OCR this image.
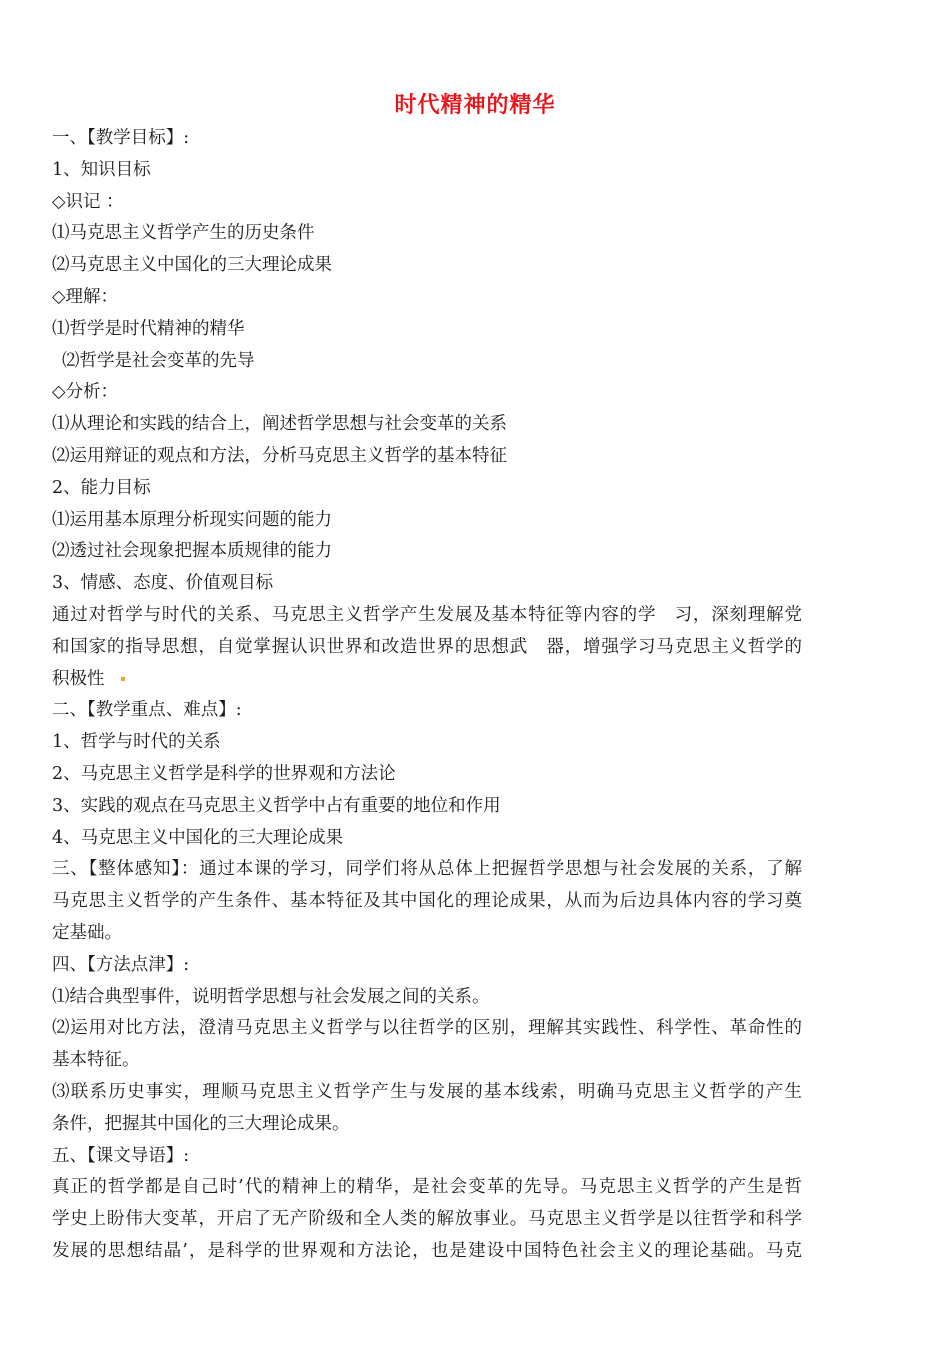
时代精神的精华
一、【教学目标】:
1、知识目标
◇识记 ：
⑴马克思主义哲学产生的历史条件
⑵马克思主义中国化的三大理论成果
◇理解：
⑴哲学是时代精神的精华
⑵哲学是社会变革的先导
◇分析：
⑴从理论和实践的结合上，阐述哲学思想与社会变革的关系
⑵运用辩证的观点和方法，分析马克思主义哲学的基本特征
2、能力目标
⑴运用基本原理分析现实问题的能力
⑵透过社会现象把握本质规律的能力
3、情感、态度、价值观目标
通过对哲学与时代的关系、马克思主义哲学产生发展及基本特征等内容的学　习，深刻理解党
和国家的指导思想，自觉掌握认识世界和改造世界的思想武　器，增强学习马克思主义哲学的
积极性
二、【教学重点、难点】:
1、哲学与时代的关系
2、马克思主义哲学是科学的世界观和方法论
3、实践的观点在马克思主义哲学中占有重要的地位和作用
4、马克思主义中国化的三大理论成果
三、【整体感知】：通过本课的学习，同学们将从总体上把握哲学思想与社会发展的关系，了解
马克思主义哲学的产生条件、基本特征及其中国化的理论成果，从而为后边具体内容的学习奠
定基础。
四、【方法点津】:
⑴结合典型事件，说明哲学思想与社会发展之间的关系。
⑵运用对比方法，澄清马克思主义哲学与以往哲学的区别，理解其实践性、科学性、革命性的
基本特征。
⑶联系历史事实，理顺马克思主义哲学产生与发展的基本线索，明确马克思主义哲学的产生
条件，把握其中国化的三大理论成果。
五、【课文导语】:
真正的哲学都是自己时’代的精神上的精华，是社会变革的先导。马克思主义哲学的产生是哲
学史上盼伟大变革，开启了无产阶级和全人类的解放事业。马克思主义哲学是以往哲学和科学
发展的思想结晶’，是科学的世界观和方法论，也是建设中国特色社会主义的理论基础。马克
